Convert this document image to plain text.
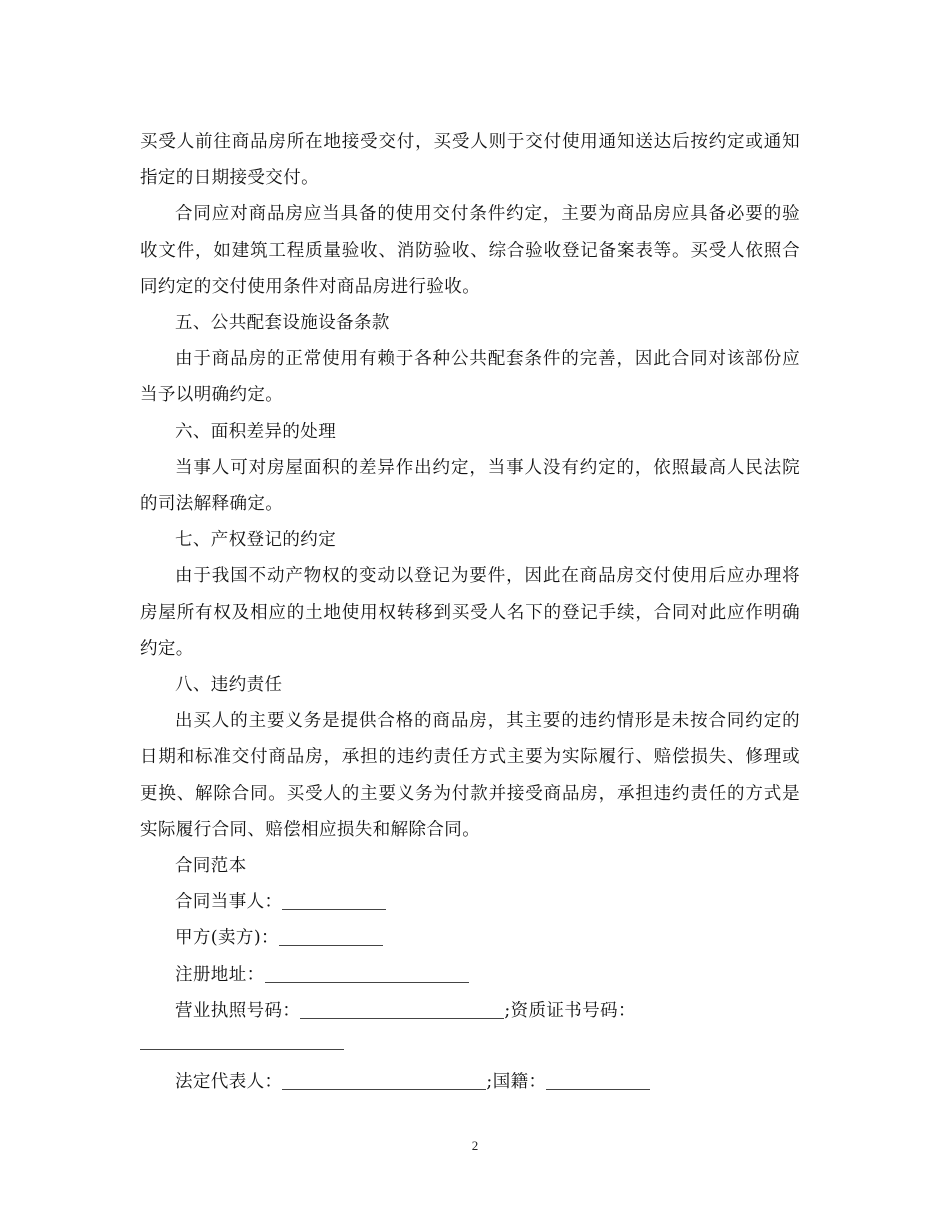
买受人前往商品房所在地接受交付，买受人则于交付使用通知送达后按约定或通知指定的日期接受交付。

合同应对商品房应当具备的使用交付条件约定，主要为商品房应具备必要的验收文件，如建筑工程质量验收、消防验收、综合验收登记备案表等。买受人依照合同约定的交付使用条件对商品房进行验收。

五、公共配套设施设备条款

由于商品房的正常使用有赖于各种公共配套条件的完善，因此合同对该部份应当予以明确约定。

六、面积差异的处理

当事人可对房屋面积的差异作出约定，当事人没有约定的，依照最高人民法院的司法解释确定。

七、产权登记的约定

由于我国不动产物权的变动以登记为要件，因此在商品房交付使用后应办理将房屋所有权及相应的土地使用权转移到买受人名下的登记手续，合同对此应作明确约定。

八、违约责任

出买人的主要义务是提供合格的商品房，其主要的违约情形是未按合同约定的日期和标准交付商品房，承担的违约责任方式主要为实际履行、赔偿损失、修理或更换、解除合同。买受人的主要义务为付款并接受商品房，承担违约责任的方式是实际履行合同、赔偿相应损失和解除合同。

合同范本

合同当事人：

甲方(卖方)：

注册地址：

营业执照号码：	;资质证书号码：

法定代表人：	;国籍：

2
